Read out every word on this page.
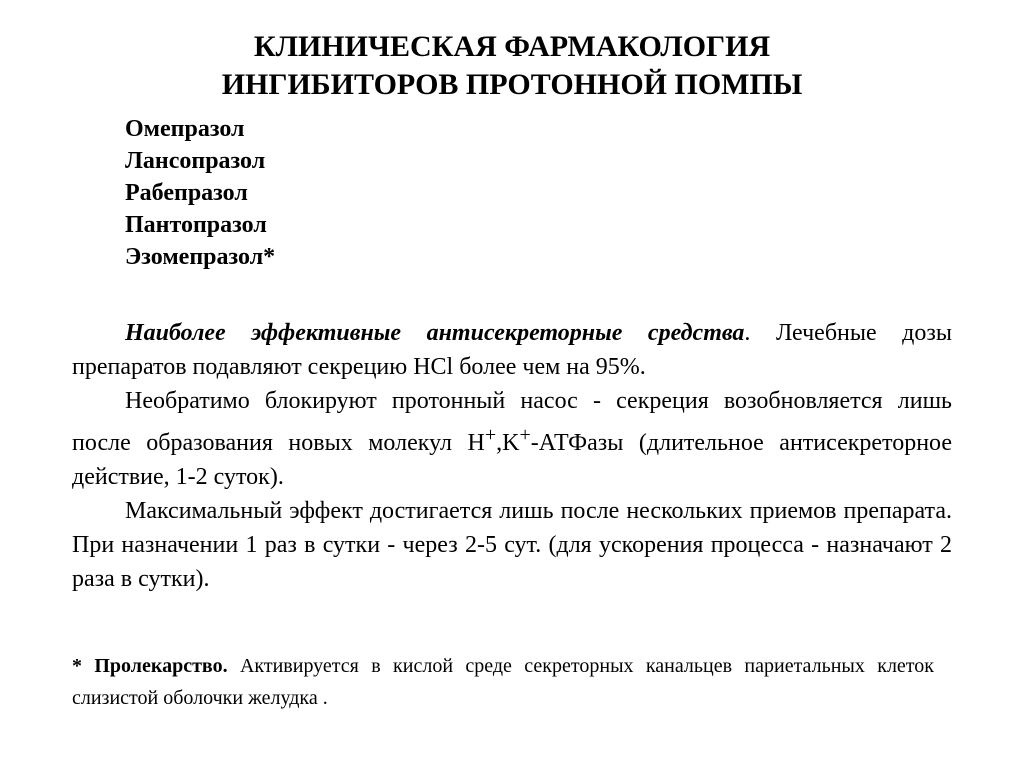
КЛИНИЧЕСКАЯ ФАРМАКОЛОГИЯ
ИНГИБИТОРОВ ПРОТОННОЙ ПОМПЫ
Омепразол
Лансопразол
Рабепразол
Пантопразол
Эзомепразол*

Наиболее эффективные антисекреторные средства. Лечебные дозы препаратов подавляют секрецию HCl более чем на 95%.

Необратимо блокируют протонный насос - секреция возобновляется лишь после образования новых молекул H+,K+-АТФазы (длительное антисекреторное действие, 1-2 суток).

Максимальный эффект достигается лишь после нескольких приемов препарата. При назначении 1 раз в сутки - через 2-5 сут. (для ускорения процесса - назначают 2 раза в сутки).

* Пролекарство. Активируется в кислой среде секреторных канальцев париетальных клеток слизистой оболочки желудка .
